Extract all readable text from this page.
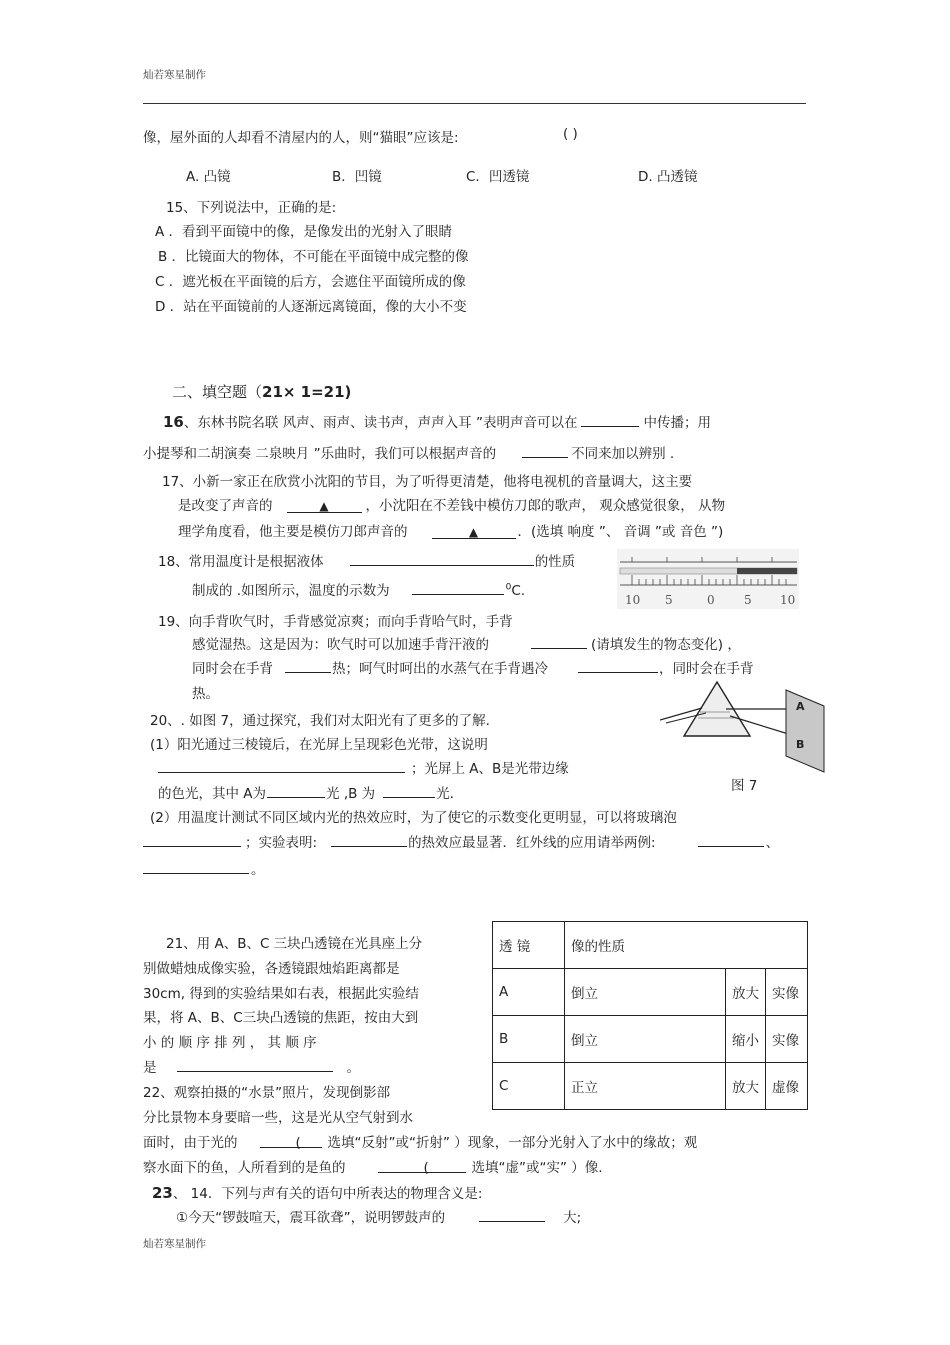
灿若寒星制作
像，屋外面的人却看不清屋内的人，则“猫眼”应该是:	( )
A. 凸镜	B．凹镜	C．凹透镜	D. 凸透镜
15、下列说法中，正确的是:
A ．看到平面镜中的像，是像发出的光射入了眼睛
B ．比镜面大的物体，不可能在平面镜中成完整的像
C ．遮光板在平面镜的后方，会遮住平面镜所成的像
D ．站在平面镜前的人逐渐远离镜面，像的大小不变
二、填空题（21× 1=21)
16、东林书院名联 风声、雨声、读书声，声声入耳 ”表明声音可以在	中传播；用
小提琴和二胡演奏 二泉映月 ”乐曲时，我们可以根据声音的	不同来加以辨别 .
17、小新一家正在欣赏小沈阳的节目，为了听得更清楚，他将电视机的音量调大，这主要
是改变了声音的	▲	，小沈阳在不差钱中模仿刀郎的歌声， 观众感觉很象， 从物
理学角度看，他主要是模仿刀郎声音的	▲	．(选填 响度 ”、 音调 ”或 音色 ”)
18、常用温度计是根据液体	的性质
制成的 .如图所示，温度的示数为	$^0$C.
10 5	0 5 10
19、向手背吹气时，手背感觉凉爽；而向手背哈气时，手背
感觉湿热。这是因为：吹气时可以加速手背汗液的	(请填发生的物态变化) ，
同时会在手背	热；呵气时呵出的水蒸气在手背遇冷	，同时会在手背
热。
A
B
图 7
20、. 如图 7，通过探究，我们对太阳光有了更多的了解.
(1）阳光通过三棱镜后，在光屏上呈现彩色光带，这说明
；光屏上 A、B是光带边缘
的色光，其中 A为	光 ,B 为	光.
(2）用温度计测试不同区域内光的热效应时，为了使它的示数变化更明显，可以将玻璃泡
；实验表明:	的热效应最显著．红外线的应用请举两例:	、
。
21、用 A、B、C 三块凸透镜在光具座上分
别做蜡烛成像实验，各透镜跟烛焰距离都是
30cm, 得到的实验结果如右表，根据此实验结
果，将 A、B、C三块凸透镜的焦距，按由大到
小 的 顺 序 排 列 ， 其 顺 序
是	。
透 镜	像的性质		
A	倒立	放大	实像
B	倒立	缩小	实像
C	正立	放大	虚像
22、观察拍摄的“水景”照片，发现倒影部
分比景物本身要暗一些，这是光从空气射到水
面时，由于光的	( 选填“反射”或“折射” ）现象，一部分光射入了水中的缘故；观
察水面下的鱼，人所看到的是鱼的	(	选填“虚”或“实” ）像.
23、 14．下列与声有关的语句中所表达的物理含义是:
①今天“锣鼓喧天，震耳欲聋”，说明锣鼓声的	大;
灿若寒星制作
